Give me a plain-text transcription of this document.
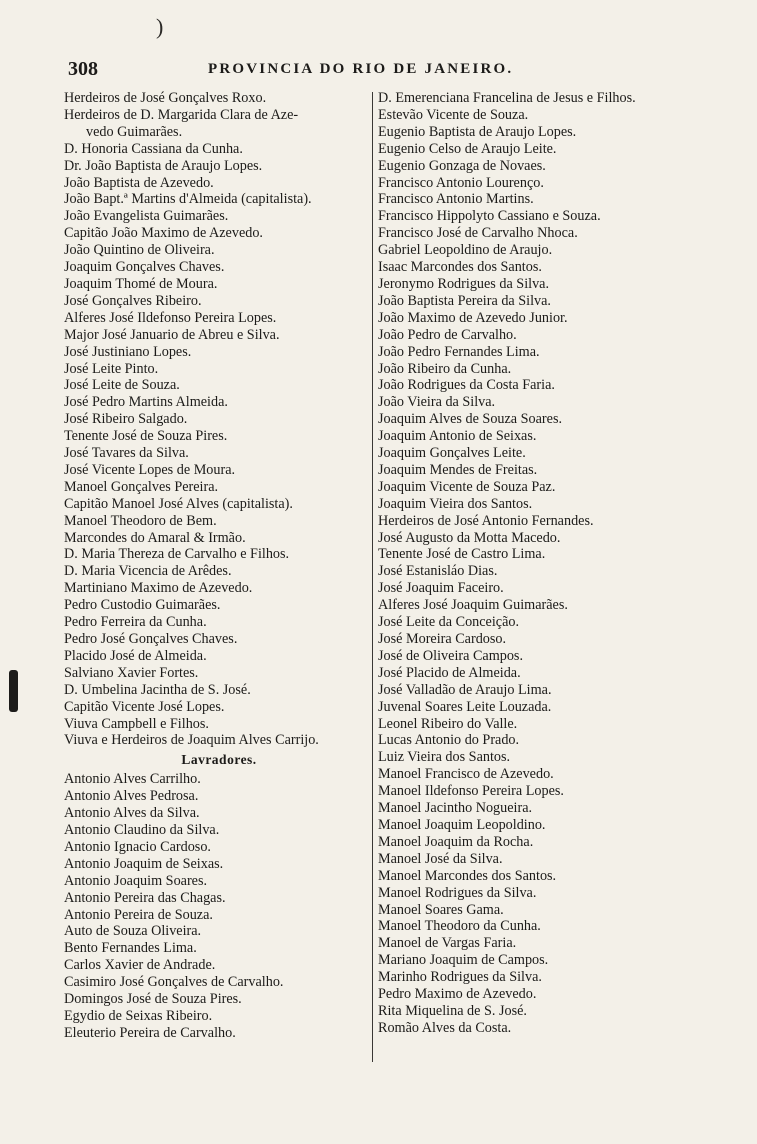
)
308	PROVINCIA DO RIO DE JANEIRO.
Herdeiros de José Gonçalves Roxo.
Herdeiros de D. Margarida Clara de Aze-
vedo Guimarães.
D. Honoria Cassiana da Cunha.
Dr. João Baptista de Araujo Lopes.
João Baptista de Azevedo.
João Bapt.ª Martins d'Almeida (capitalista).
João Evangelista Guimarães.
Capitão João Maximo de Azevedo.
João Quintino de Oliveira.
Joaquim Gonçalves Chaves.
Joaquim Thomé de Moura.
José Gonçalves Ribeiro.
Alferes José Ildefonso Pereira Lopes.
Major José Januario de Abreu e Silva.
José Justiniano Lopes.
José Leite Pinto.
José Leite de Souza.
José Pedro Martins Almeida.
José Ribeiro Salgado.
Tenente José de Souza Pires.
José Tavares da Silva.
José Vicente Lopes de Moura.
Manoel Gonçalves Pereira.
Capitão Manoel José Alves (capitalista).
Manoel Theodoro de Bem.
Marcondes do Amaral & Irmão.
D. Maria Thereza de Carvalho e Filhos.
D. Maria Vicencia de Arêdes.
Martiniano Maximo de Azevedo.
Pedro Custodio Guimarães.
Pedro Ferreira da Cunha.
Pedro José Gonçalves Chaves.
Placido José de Almeida.
Salviano Xavier Fortes.
D. Umbelina Jacintha de S. José.
Capitão Vicente José Lopes.
Viuva Campbell e Filhos.
Viuva e Herdeiros de Joaquim Alves Carrijo.
Lavradores.
Antonio Alves Carrilho.
Antonio Alves Pedrosa.
Antonio Alves da Silva.
Antonio Claudino da Silva.
Antonio Ignacio Cardoso.
Antonio Joaquim de Seixas.
Antonio Joaquim Soares.
Antonio Pereira das Chagas.
Antonio Pereira de Souza.
Auto de Souza Oliveira.
Bento Fernandes Lima.
Carlos Xavier de Andrade.
Casimiro José Gonçalves de Carvalho.
Domingos José de Souza Pires.
Egydio de Seixas Ribeiro.
Eleuterio Pereira de Carvalho.
D. Emerenciana Francelina de Jesus e Filhos.
Estevão Vicente de Souza.
Eugenio Baptista de Araujo Lopes.
Eugenio Celso de Araujo Leite.
Eugenio Gonzaga de Novaes.
Francisco Antonio Lourenço.
Francisco Antonio Martins.
Francisco Hippolyto Cassiano e Souza.
Francisco José de Carvalho Nhoca.
Gabriel Leopoldino de Araujo.
Isaac Marcondes dos Santos.
Jeronymo Rodrigues da Silva.
João Baptista Pereira da Silva.
João Maximo de Azevedo Junior.
João Pedro de Carvalho.
João Pedro Fernandes Lima.
João Ribeiro da Cunha.
João Rodrigues da Costa Faria.
João Vieira da Silva.
Joaquim Alves de Souza Soares.
Joaquim Antonio de Seixas.
Joaquim Gonçalves Leite.
Joaquim Mendes de Freitas.
Joaquim Vicente de Souza Paz.
Joaquim Vieira dos Santos.
Herdeiros de José Antonio Fernandes.
José Augusto da Motta Macedo.
Tenente José de Castro Lima.
José Estanisláo Dias.
José Joaquim Faceiro.
Alferes José Joaquim Guimarães.
José Leite da Conceição.
José Moreira Cardoso.
José de Oliveira Campos.
José Placido de Almeida.
José Valladão de Araujo Lima.
Juvenal Soares Leite Louzada.
Leonel Ribeiro do Valle.
Lucas Antonio do Prado.
Luiz Vieira dos Santos.
Manoel Francisco de Azevedo.
Manoel Ildefonso Pereira Lopes.
Manoel Jacintho Nogueira.
Manoel Joaquim Leopoldino.
Manoel Joaquim da Rocha.
Manoel José da Silva.
Manoel Marcondes dos Santos.
Manoel Rodrigues da Silva.
Manoel Soares Gama.
Manoel Theodoro da Cunha.
Manoel de Vargas Faria.
Mariano Joaquim de Campos.
Marinho Rodrigues da Silva.
Pedro Maximo de Azevedo.
Rita Miquelina de S. José.
Romão Alves da Costa.
